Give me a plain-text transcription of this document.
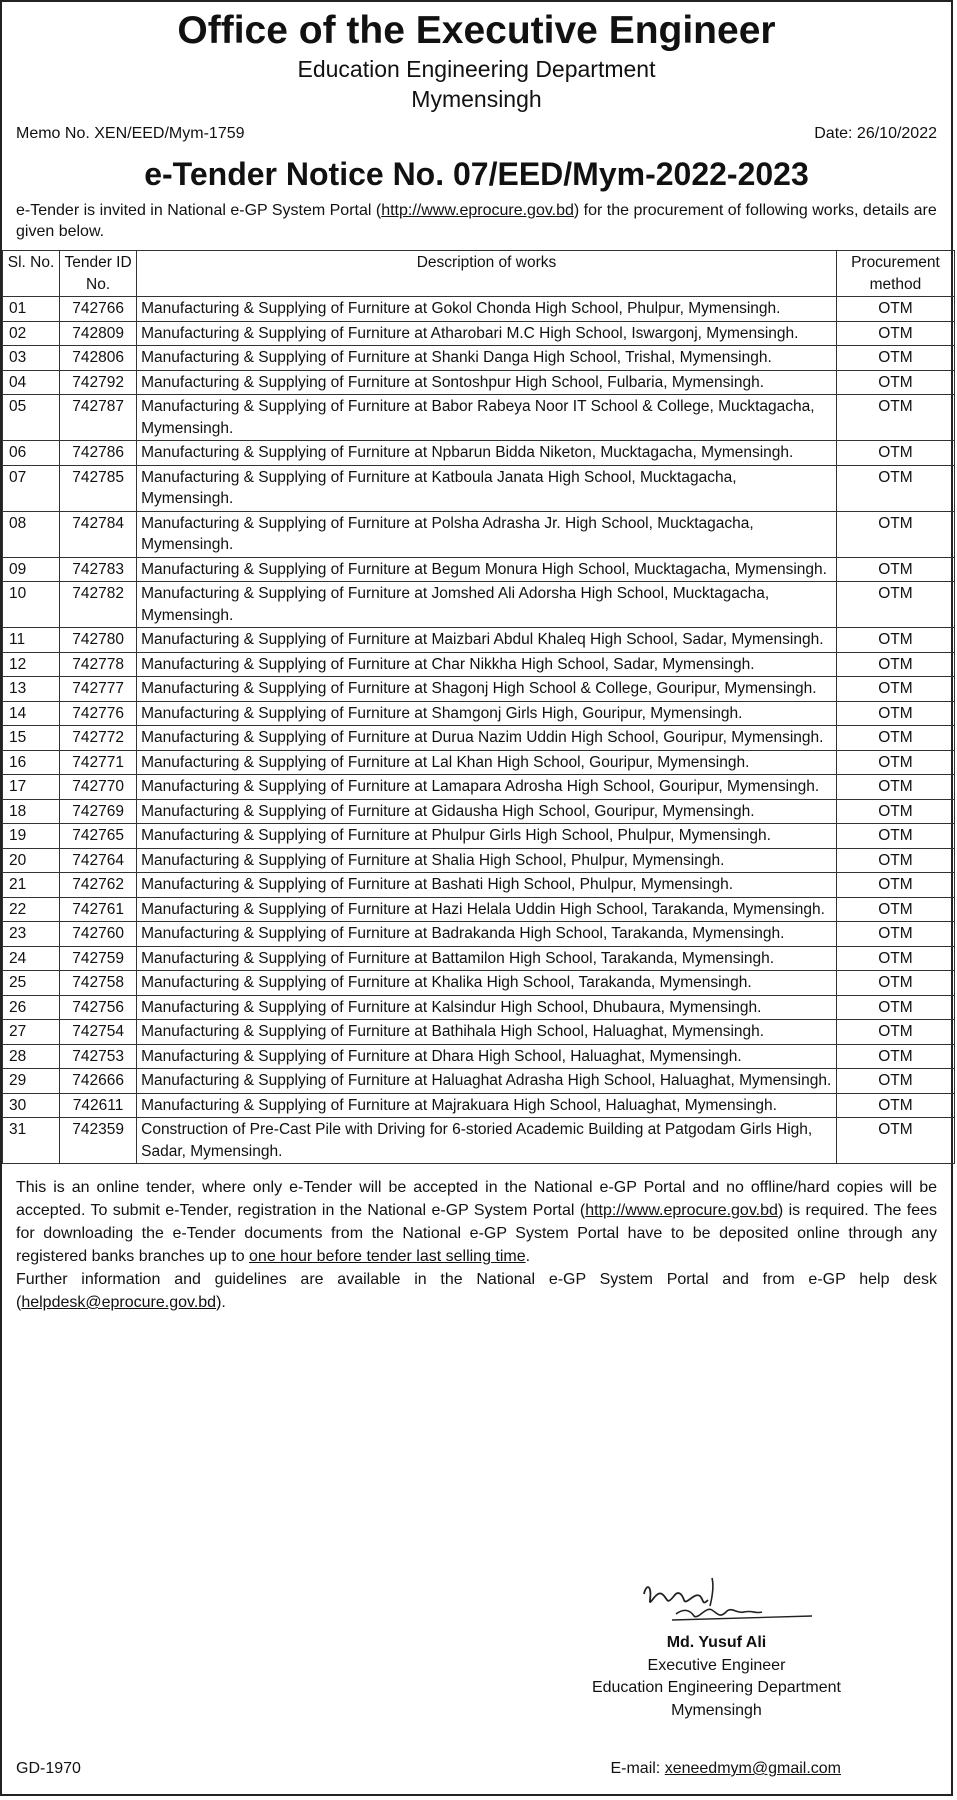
Office of the Executive Engineer
Education Engineering Department
Mymensingh
Memo No. XEN/EED/Mym-1759	Date: 26/10/2022
e-Tender Notice No. 07/EED/Mym-2022-2023
e-Tender is invited in National e-GP System Portal (http://www.eprocure.gov.bd) for the procurement of following works, details are given below.
Sl. No.	Tender ID No.	Description of works	Procurement method
01	742766	Manufacturing & Supplying of Furniture at Gokol Chonda High School, Phulpur, Mymensingh.	OTM
02	742809	Manufacturing & Supplying of Furniture at Atharobari M.C High School, Iswargonj, Mymensingh.	OTM
03	742806	Manufacturing & Supplying of Furniture at Shanki Danga High School, Trishal, Mymensingh.	OTM
04	742792	Manufacturing & Supplying of Furniture at Sontoshpur High School, Fulbaria, Mymensingh.	OTM
05	742787	Manufacturing & Supplying of Furniture at Babor Rabeya Noor IT School & College, Mucktagacha, Mymensingh.	OTM
06	742786	Manufacturing & Supplying of Furniture at Npbarun Bidda Niketon, Mucktagacha, Mymensingh.	OTM
07	742785	Manufacturing & Supplying of Furniture at Katboula Janata High School, Mucktagacha, Mymensingh.	OTM
08	742784	Manufacturing & Supplying of Furniture at Polsha Adrasha Jr. High School, Mucktagacha, Mymensingh.	OTM
09	742783	Manufacturing & Supplying of Furniture at Begum Monura High School, Mucktagacha, Mymensingh.	OTM
10	742782	Manufacturing & Supplying of Furniture at Jomshed Ali Adorsha High School, Mucktagacha, Mymensingh.	OTM
11	742780	Manufacturing & Supplying of Furniture at Maizbari Abdul Khaleq High School, Sadar, Mymensingh.	OTM
12	742778	Manufacturing & Supplying of Furniture at Char Nikkha High School, Sadar, Mymensingh.	OTM
13	742777	Manufacturing & Supplying of Furniture at Shagonj High School & College, Gouripur, Mymensingh.	OTM
14	742776	Manufacturing & Supplying of Furniture at Shamgonj Girls High, Gouripur, Mymensingh.	OTM
15	742772	Manufacturing & Supplying of Furniture at Durua Nazim Uddin High School, Gouripur, Mymensingh.	OTM
16	742771	Manufacturing & Supplying of Furniture at Lal Khan High School, Gouripur, Mymensingh.	OTM
17	742770	Manufacturing & Supplying of Furniture at Lamapara Adrosha High School, Gouripur, Mymensingh.	OTM
18	742769	Manufacturing & Supplying of Furniture at Gidausha High School, Gouripur, Mymensingh.	OTM
19	742765	Manufacturing & Supplying of Furniture at Phulpur Girls High School, Phulpur, Mymensingh.	OTM
20	742764	Manufacturing & Supplying of Furniture at Shalia High School, Phulpur, Mymensingh.	OTM
21	742762	Manufacturing & Supplying of Furniture at Bashati High School, Phulpur, Mymensingh.	OTM
22	742761	Manufacturing & Supplying of Furniture at Hazi Helala Uddin High School, Tarakanda, Mymensingh.	OTM
23	742760	Manufacturing & Supplying of Furniture at Badrakanda High School, Tarakanda, Mymensingh.	OTM
24	742759	Manufacturing & Supplying of Furniture at Battamilon High School, Tarakanda, Mymensingh.	OTM
25	742758	Manufacturing & Supplying of Furniture at Khalika High School, Tarakanda, Mymensingh.	OTM
26	742756	Manufacturing & Supplying of Furniture at Kalsindur High School, Dhubaura, Mymensingh.	OTM
27	742754	Manufacturing & Supplying of Furniture at Bathihala High School, Haluaghat, Mymensingh.	OTM
28	742753	Manufacturing & Supplying of Furniture at Dhara High School, Haluaghat, Mymensingh.	OTM
29	742666	Manufacturing & Supplying of Furniture at Haluaghat Adrasha High School, Haluaghat, Mymensingh.	OTM
30	742611	Manufacturing & Supplying of Furniture at Majrakuara High School, Haluaghat, Mymensingh.	OTM
31	742359	Construction of Pre-Cast Pile with Driving for 6-storied Academic Building at Patgodam Girls High, Sadar, Mymensingh.	OTM
This is an online tender, where only e-Tender will be accepted in the National e-GP Portal and no offline/hard copies will be accepted. To submit e-Tender, registration in the National e-GP System Portal (http://www.eprocure.gov.bd) is required. The fees for downloading the e-Tender documents from the National e-GP System Portal have to be deposited online through any registered banks branches up to one hour before tender last selling time.
Further information and guidelines are available in the National e-GP System Portal and from e-GP help desk (helpdesk@eprocure.gov.bd).
Md. Yusuf Ali
Executive Engineer
Education Engineering Department
Mymensingh
GD-1970	E-mail: xeneedmym@gmail.com
